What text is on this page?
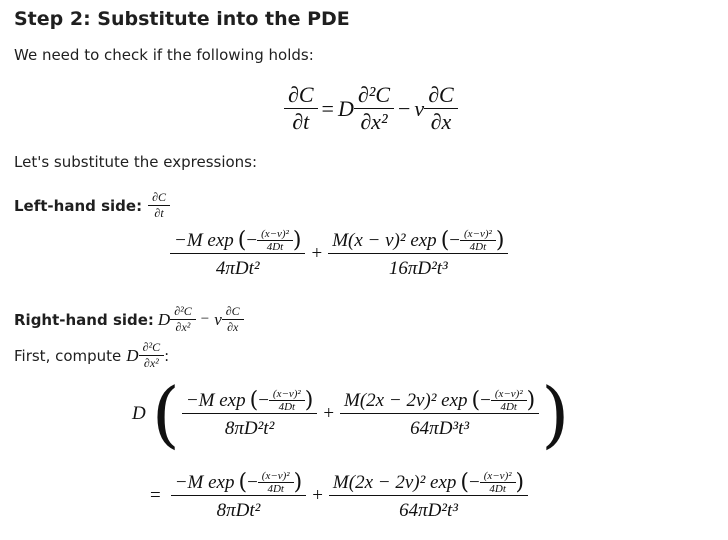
Step 2: Substitute into the PDE
We need to check if the following holds:
$\frac{\partial C}{\partial t} = D \frac{\text{∂²C}}{\text{∂x²}} - v \frac{\partial C}{\partial x}$
Let's substitute the expressions:
Left-hand side: $\frac{\partial C}{\partial t}$
−M exp ( − $\frac{\text{(x−v)²}}{4Dt}$ )
4πDt²
+
M(x − v)² exp ( − $\frac{\text{(x−v)²}}{4Dt}$ )
16πD²t³
Right-hand side: D $\frac{\text{∂²C}}{\text{∂x²}} - v \frac{\partial C}{\partial x}$
First, compute D $\frac{\text{∂²C}}{\text{∂x²}}$ :
D ( −M exp ( − $\frac{\text{(x−v)²}}{4Dt}$ )
8πD²t²
+
M(2x − 2v)² exp ( − $\frac{\text{(x−v)²}}{4Dt}$ )
64πD³t³ )
=
−M exp ( − $\frac{\text{(x−v)²}}{4Dt}$ )
8πDt²
+
M(2x − 2v)² exp ( − $\frac{\text{(x−v)²}}{4Dt}$ )
64πD²t³
